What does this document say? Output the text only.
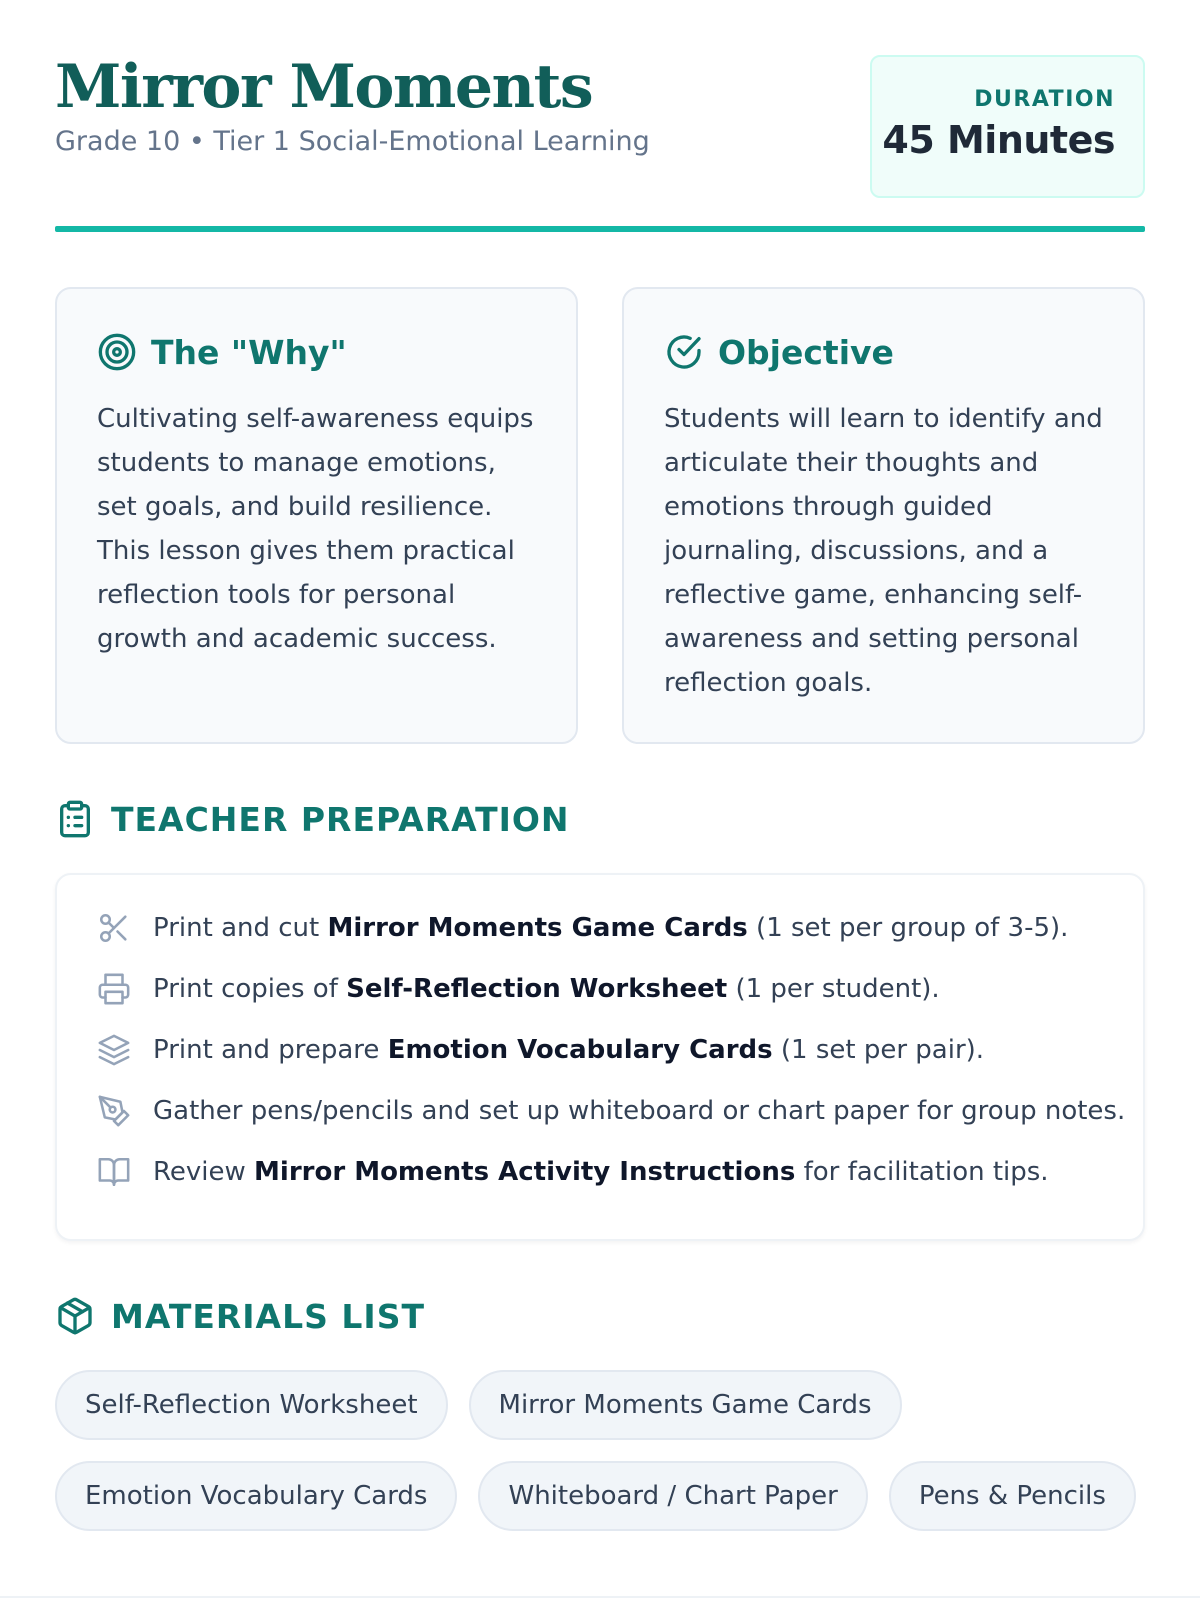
Mirror Moments
Grade 10 • Tier 1 Social-Emotional Learning
DURATION
45 Minutes
The "Why"

Cultivating self-awareness equips students to manage emotions, set goals, and build resilience. This lesson gives them practical reflection tools for personal growth and academic success.

Objective

Students will learn to identify and articulate their thoughts and emotions through guided journaling, discussions, and a reflective game, enhancing self-awareness and setting personal reflection goals.

TEACHER PREPARATION
Print and cut Mirror Moments Game Cards (1 set per group of 3-5).
Print copies of Self-Reflection Worksheet (1 per student).
Print and prepare Emotion Vocabulary Cards (1 set per pair).
Gather pens/pencils and set up whiteboard or chart paper for group notes.
Review Mirror Moments Activity Instructions for facilitation tips.
MATERIALS LIST
Self-Reflection Worksheet	Mirror Moments Game Cards
Emotion Vocabulary Cards	Whiteboard / Chart Paper	Pens & Pencils
